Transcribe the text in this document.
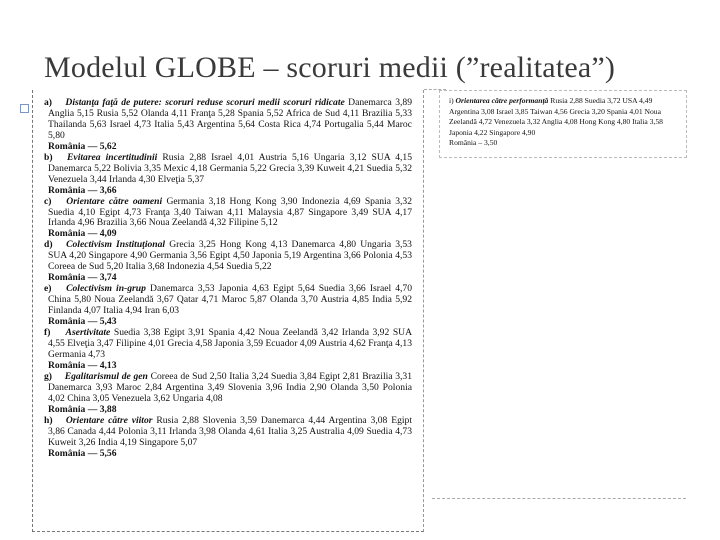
Modelul GLOBE – scoruri medii (”realitatea”)

a) Distanţa faţă de putere: scoruri reduse scoruri medii scoruri ridicate Danemarca 3,89 Anglia 5,15 Rusia 5,52 Olanda 4,11 Franţa 5,28 Spania 5,52 Africa de Sud 4,11 Brazilia 5,33 Thailanda 5,63 Israel 4,73 Italia 5,43 Argentina 5,64 Costa Rica 4,74 Portugalia 5,44 Maroc 5,80
România — 5,62

b) Evitarea incertitudinii Rusia 2,88 Israel 4,01 Austria 5,16 Ungaria 3,12 SUA 4,15 Danemarca 5,22 Bolivia 3,35 Mexic 4,18 Germania 5,22 Grecia 3,39 Kuweit 4,21 Suedia 5,32 Venezuela 3,44 Irlanda 4,30 Elveţia 5,37
România — 3,66

c) Orientare către oameni Germania 3,18 Hong Kong 3,90 Indonezia 4,69 Spania 3,32 Suedia 4,10 Egipt 4,73 Franţa 3,40 Taiwan 4,11 Malaysia 4,87 Singapore 3,49 SUA 4,17 Irlanda 4,96 Brazilia 3,66 Noua Zeelandă 4,32 Filipine 5,12
România — 4,09

d) Colectivism Instituţional Grecia 3,25 Hong Kong 4,13 Danemarca 4,80 Ungaria 3,53 SUA 4,20 Singapore 4,90 Germania 3,56 Egipt 4,50 Japonia 5,19 Argentina 3,66 Polonia 4,53 Coreea de Sud 5,20 Italia 3,68 Indonezia 4,54 Suedia 5,22
România — 3,74

e) Colectivism in-grup Danemarca 3,53 Japonia 4,63 Egipt 5,64 Suedia 3,66 Israel 4,70 China 5,80 Noua Zeelandă 3,67 Qatar 4,71 Maroc 5,87 Olanda 3,70 Austria 4,85 India 5,92 Finlanda 4,07 Italia 4,94 Iran 6,03
România — 5,43

f) Asertivitate Suedia 3,38 Egipt 3,91 Spania 4,42 Noua Zeelandă 3,42 Irlanda 3,92 SUA 4,55 Elveţia 3,47 Filipine 4,01 Grecia 4,58 Japonia 3,59 Ecuador 4,09 Austria 4,62 Franţa 4,13 Germania 4,73
România — 4,13

g) Egalitarismul de gen Coreea de Sud 2,50 Italia 3,24 Suedia 3,84 Egipt 2,81 Brazilia 3,31 Danemarca 3,93 Maroc 2,84 Argentina 3,49 Slovenia 3,96 India 2,90 Olanda 3,50 Polonia 4,02 China 3,05 Venezuela 3,62 Ungaria 4,08
România — 3,88

h) Orientare către viitor Rusia 2,88 Slovenia 3,59 Danemarca 4,44 Argentina 3,08 Egipt 3,86 Canada 4,44 Polonia 3,11 Irlanda 3,98 Olanda 4,61 Italia 3,25 Australia 4,09 Suedia 4,73 Kuweit 3,26 India 4,19 Singapore 5,07
România — 5,56

i) Orientarea către performanţă Rusia 2,88 Suedia 3,72 USA 4,49 Argentina 3,08 Israel 3,85 Taiwan 4,56 Grecia 3,20 Spania 4,01 Noua Zeelandă 4,72 Venezuela 3,32 Anglia 4,08 Hong Kong 4,80 Italia 3,58 Japonia 4,22 Singapore 4,90
România – 3,50
